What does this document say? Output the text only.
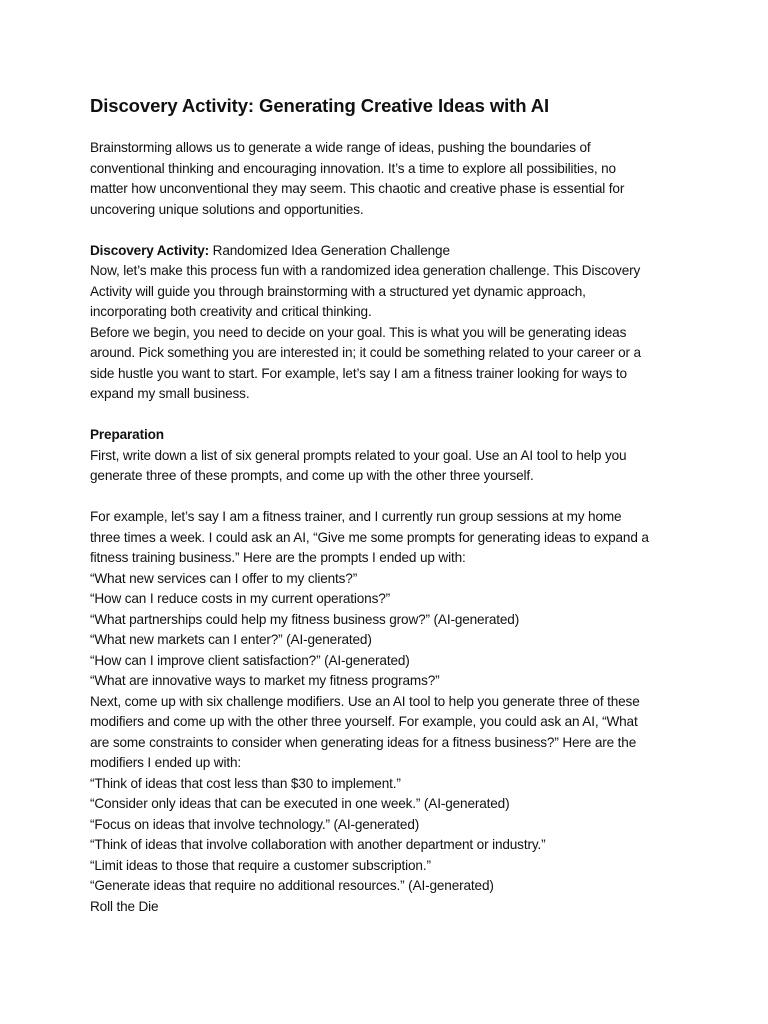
Discovery Activity: Generating Creative Ideas with AI
Brainstorming allows us to generate a wide range of ideas, pushing the boundaries of
conventional thinking and encouraging innovation. It’s a time to explore all possibilities, no
matter how unconventional they may seem. This chaotic and creative phase is essential for
uncovering unique solutions and opportunities.
Discovery Activity: Randomized Idea Generation Challenge
Now, let’s make this process fun with a randomized idea generation challenge. This Discovery
Activity will guide you through brainstorming with a structured yet dynamic approach,
incorporating both creativity and critical thinking.
Before we begin, you need to decide on your goal. This is what you will be generating ideas
around. Pick something you are interested in; it could be something related to your career or a
side hustle you want to start. For example, let’s say I am a fitness trainer looking for ways to
expand my small business.
Preparation
First, write down a list of six general prompts related to your goal. Use an AI tool to help you
generate three of these prompts, and come up with the other three yourself.
For example, let’s say I am a fitness trainer, and I currently run group sessions at my home
three times a week. I could ask an AI, “Give me some prompts for generating ideas to expand a
fitness training business.” Here are the prompts I ended up with:
“What new services can I offer to my clients?”
“How can I reduce costs in my current operations?”
“What partnerships could help my fitness business grow?” (AI-generated)
“What new markets can I enter?” (AI-generated)
“How can I improve client satisfaction?” (AI-generated)
“What are innovative ways to market my fitness programs?”
Next, come up with six challenge modifiers. Use an AI tool to help you generate three of these
modifiers and come up with the other three yourself. For example, you could ask an AI, “What
are some constraints to consider when generating ideas for a fitness business?” Here are the
modifiers I ended up with:
“Think of ideas that cost less than $30 to implement.”
“Consider only ideas that can be executed in one week.” (AI-generated)
“Focus on ideas that involve technology.” (AI-generated)
“Think of ideas that involve collaboration with another department or industry.”
“Limit ideas to those that require a customer subscription.”
“Generate ideas that require no additional resources.” (AI-generated)
Roll the Die
